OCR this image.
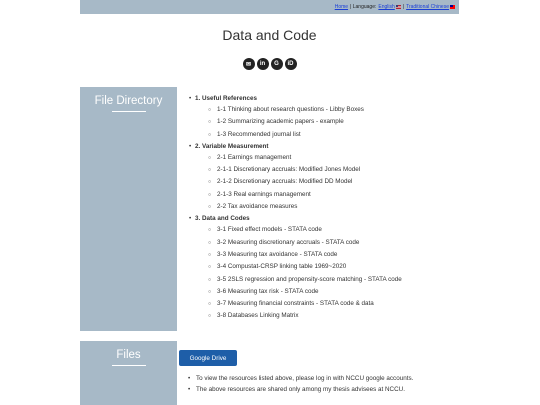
Home | Language: English | Traditional Chinese
Data and Code
✉	in	G	iD
File Directory
Files
• 1. Useful References
○ 1-1 Thinking about research questions - Libby Boxes
○ 1-2 Summarizing academic papers - example
○ 1-3 Recommended journal list
• 2. Variable Measurement
○ 2-1 Earnings management
○ 2-1-1 Discretionary accruals: Modified Jones Model
○ 2-1-2 Discretionary accruals: Modified DD Model
○ 2-1-3 Real earnings management
○ 2-2 Tax avoidance measures
• 3. Data and Codes
○ 3-1 Fixed effect models - STATA code
○ 3-2 Measuring discretionary accruals - STATA code
○ 3-3 Measuring tax avoidance - STATA code
○ 3-4 Compustat-CRSP linking table 1969~2020
○ 3-5 2SLS regression and propensity-score matching - STATA code
○ 3-6 Measuring tax risk - STATA code
○ 3-7 Measuring financial constraints - STATA code & data
○ 3-8 Databases Linking Matrix
Google Drive
• To view the resources listed above, please log in with NCCU google accounts.
• The above resources are shared only among my thesis advisees at NCCU.
